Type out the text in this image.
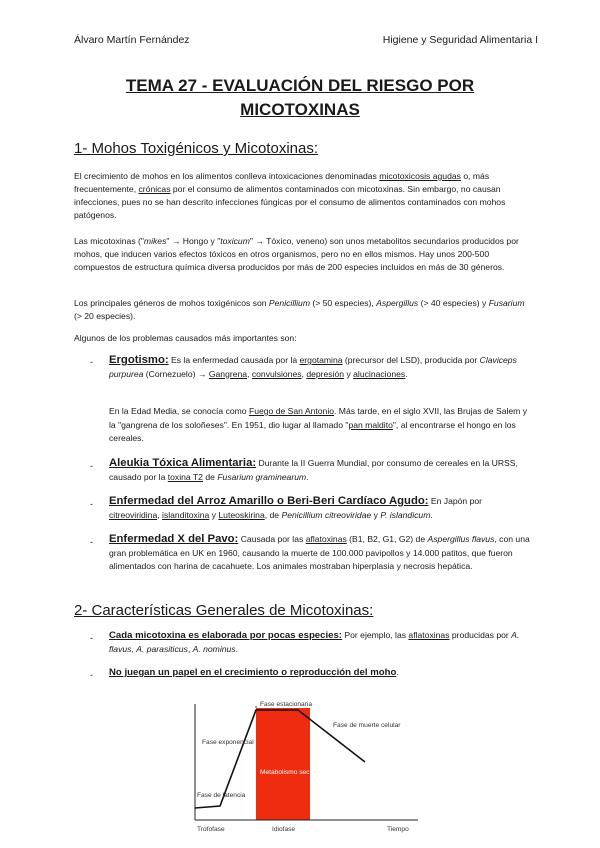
Álvaro Martín Fernández	Higiene y Seguridad Alimentaria I
TEMA 27 - EVALUACIÓN DEL RIESGO POR
MICOTOXINAS
1- Mohos Toxigénicos y Micotoxinas:

El crecimiento de mohos en los alimentos conlleva intoxicaciones denominadas micotoxicosis agudas o, más frecuentemente, crónicas por el consumo de alimentos contaminados con micotoxinas. Sin embargo, no causan infecciones, pues no se han descrito infecciones fúngicas por el consumo de alimentos contaminados con mohos patógenos.

Las micotoxinas ("mikes" → Hongo y "toxicum" → Tóxico, veneno) son unos metabolitos secundarios producidos por mohos, que inducen varios efectos tóxicos en otros organismos, pero no en ellos mismos. Hay unos 200-500 compuestos de estructura química diversa producidos por más de 200 especies incluidos en más de 30 géneros.

Los principales géneros de mohos toxigénicos son Penicillium (> 50 especies), Aspergillus (> 40 especies) y Fusarium (> 20 especies).

Algunos de los problemas causados más importantes son:

- Ergotismo: Es la enfermedad causada por la ergotamina (precursor del LSD), producida por Claviceps purpurea (Cornezuelo) → Gangrena, convulsiones, depresión y alucinaciones.

En la Edad Media, se conocía como Fuego de San Antonio. Más tarde, en el siglo XVII, las Brujas de Salem y la "gangrena de los soloñeses". En 1951, dio lugar al llamado "pan maldito", al encontrarse el hongo en los cereales.

- Aleukia Tóxica Alimentaria: Durante la II Guerra Mundial, por consumo de cereales en la URSS, causado por la toxina T2 de Fusarium graminearum.

- Enfermedad del Arroz Amarillo o Beri-Beri Cardíaco Agudo: En Japón por citreoviridina, islanditoxina y Luteoskirina, de Penicillium citreoviridae y P. islandicum.

- Enfermedad X del Pavo: Causada por las aflatoxinas (B1, B2, G1, G2) de Aspergillus flavus, con una gran problemática en UK en 1960, causando la muerte de 100.000 pavipollos y 14.000 patitos, que fueron alimentados con harina de cacahuete. Los animales mostraban hiperplasia y necrosis hepática.

2- Características Generales de Micotoxinas:
- Cada micotoxina es elaborada por pocas especies: Por ejemplo, las aflatoxinas producidas por A. flavus, A. parasiticus, A. nominus.

- No juegan un papel en el crecimiento o reproducción del moho.

Fase estacionaria
Fase de muerte celular
Fase exponencial
Metabolismo secundario
Fase de latencia
Trofofase	Idiofase	Tiempo
